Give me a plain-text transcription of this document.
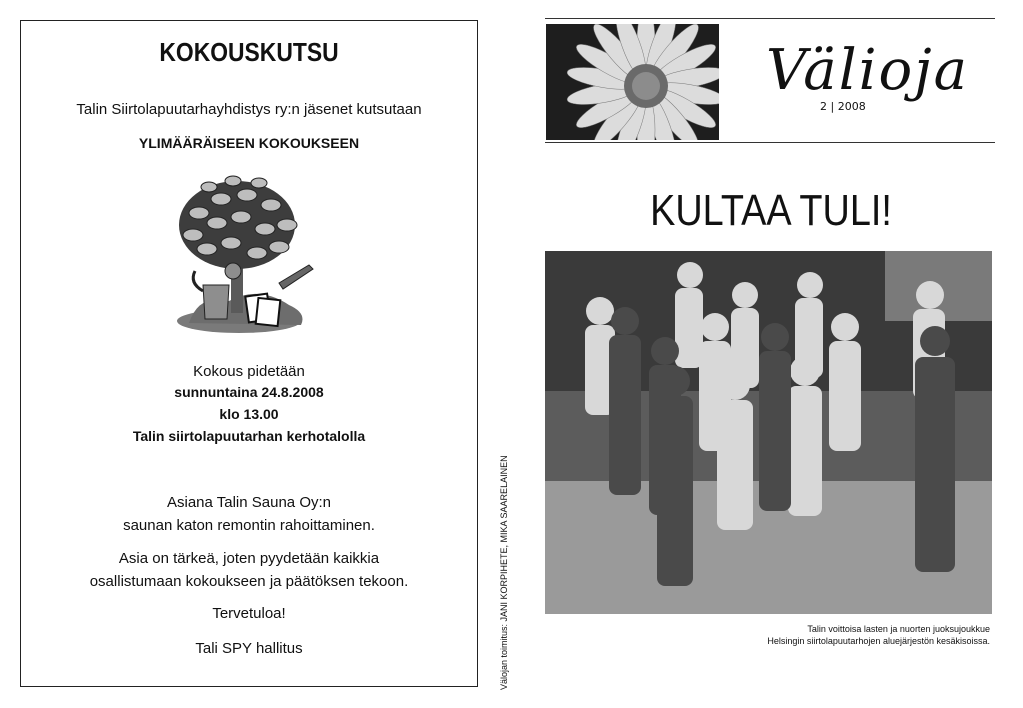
KOKOUSKUTSU
Talin Siirtolapuutarhayhdistys ry:n jäsenet kutsutaan
YLIMÄÄRÄISEEN KOKOUKSEEN
Kokous pidetään
sunnuntaina 24.8.2008
klo 13.00
Talin siirtolapuutarhan kerhotalolla
Asiana Talin Sauna Oy:n
saunan katon remontin rahoittaminen.
Asia on tärkeä, joten pyydetään kaikkia
osallistumaan kokoukseen ja päätöksen tekoon.
Tervetuloa!
Tali SPY hallitus	Välojan toimitus: JANI KORPIHETE, MIKA SAARELAINEN
Välioja
2 | 2008
KULTAA TULI!
Talin voittoisa lasten ja nuorten juoksujoukkue
Helsingin siirtolapuutarhojen aluejärjestön kesäkisoissa.
